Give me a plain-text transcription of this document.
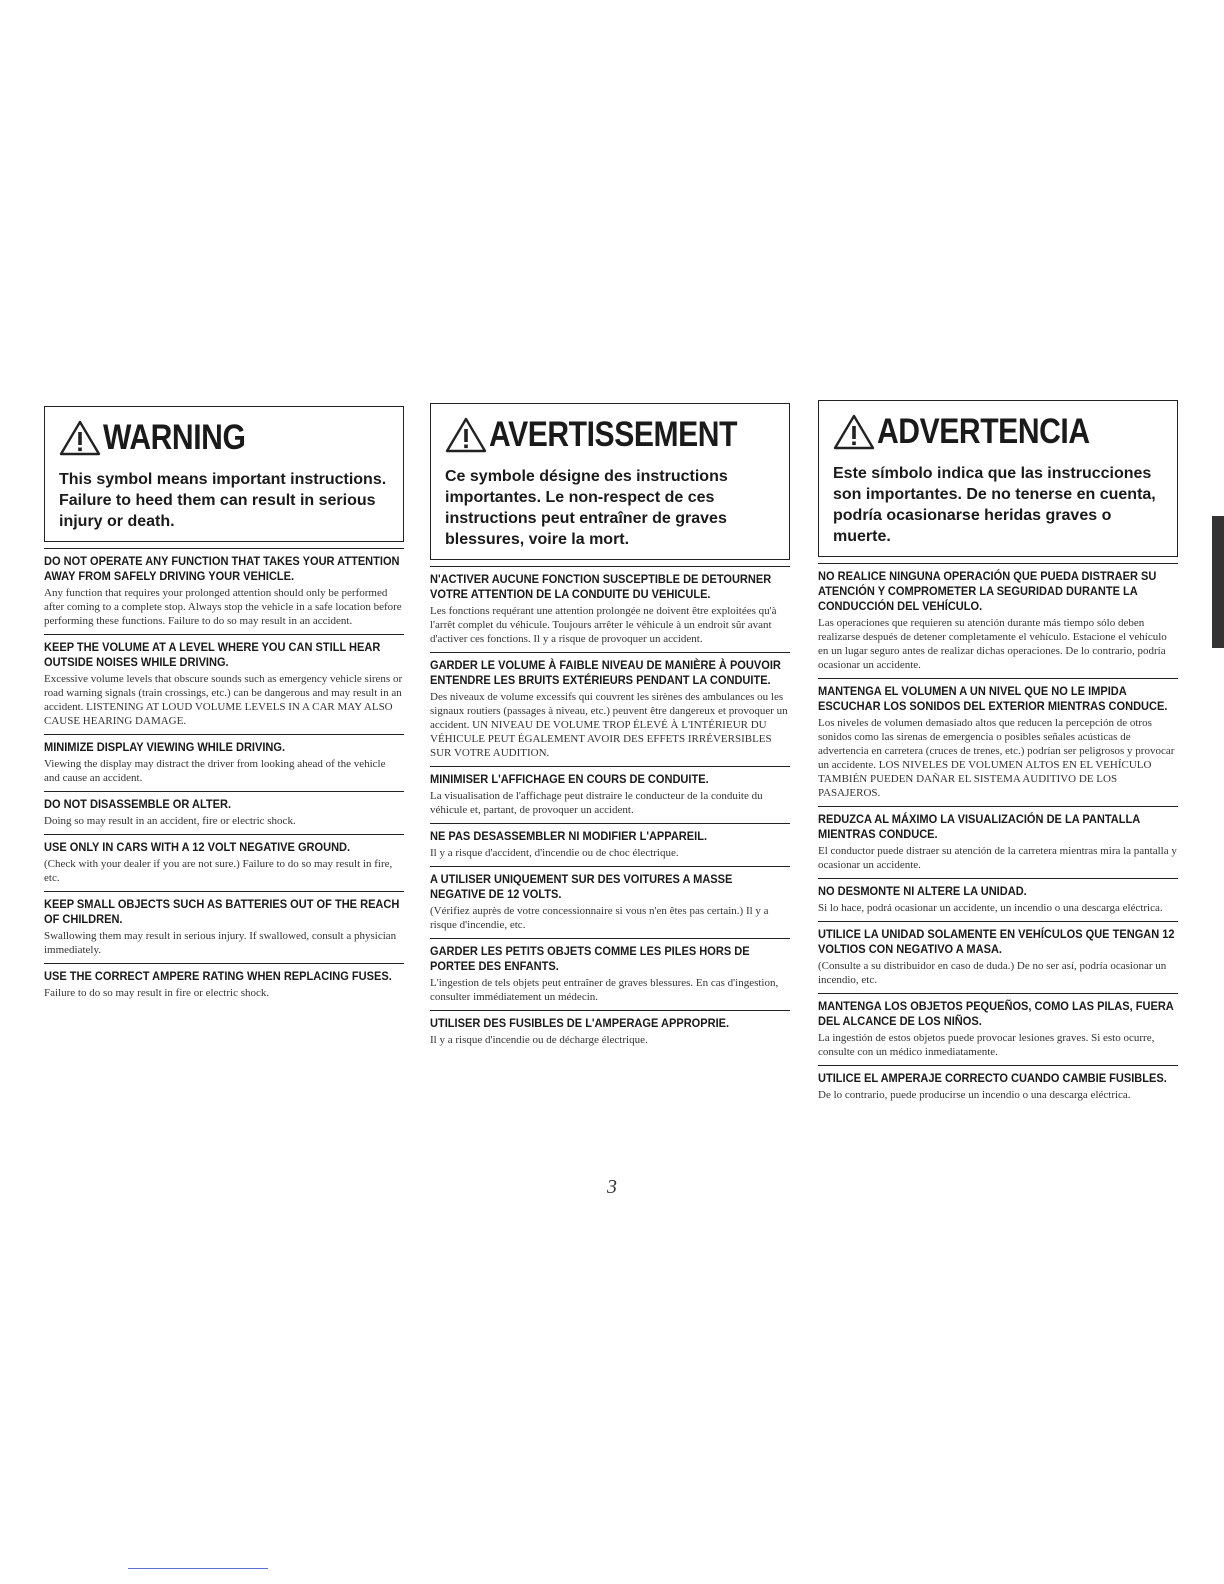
WARNING
This symbol means important instructions. Failure to heed them can result in serious injury or death.
DO NOT OPERATE ANY FUNCTION THAT TAKES YOUR ATTENTION AWAY FROM SAFELY DRIVING YOUR VEHICLE.
Any function that requires your prolonged attention should only be performed after coming to a complete stop. Always stop the vehicle in a safe location before performing these functions. Failure to do so may result in an accident.
KEEP THE VOLUME AT A LEVEL WHERE YOU CAN STILL HEAR OUTSIDE NOISES WHILE DRIVING.
Excessive volume levels that obscure sounds such as emergency vehicle sirens or road warning signals (train crossings, etc.) can be dangerous and may result in an accident. LISTENING AT LOUD VOLUME LEVELS IN A CAR MAY ALSO CAUSE HEARING DAMAGE.
MINIMIZE DISPLAY VIEWING WHILE DRIVING.
Viewing the display may distract the driver from looking ahead of the vehicle and cause an accident.
DO NOT DISASSEMBLE OR ALTER.
Doing so may result in an accident, fire or electric shock.
USE ONLY IN CARS WITH A 12 VOLT NEGATIVE GROUND.
(Check with your dealer if you are not sure.) Failure to do so may result in fire, etc.
KEEP SMALL OBJECTS SUCH AS BATTERIES OUT OF THE REACH OF CHILDREN.
Swallowing them may result in serious injury. If swallowed, consult a physician immediately.
USE THE CORRECT AMPERE RATING WHEN REPLACING FUSES.
Failure to do so may result in fire or electric shock.
AVERTISSEMENT
Ce symbole désigne des instructions importantes. Le non-respect de ces instructions peut entraîner de graves blessures, voire la mort.
N'ACTIVER AUCUNE FONCTION SUSCEPTIBLE DE DETOURNER VOTRE ATTENTION DE LA CONDUITE DU VEHICULE.
Les fonctions requérant une attention prolongée ne doivent être exploitées qu'à l'arrêt complet du véhicule. Toujours arrêter le véhicule à un endroit sûr avant d'activer ces fonctions. Il y a risque de provoquer un accident.
GARDER LE VOLUME À FAIBLE NIVEAU DE MANIÈRE À POUVOIR ENTENDRE LES BRUITS EXTÉRIEURS PENDANT LA CONDUITE.
Des niveaux de volume excessifs qui couvrent les sirènes des ambulances ou les signaux routiers (passages à niveau, etc.) peuvent être dangereux et provoquer un accident. UN NIVEAU DE VOLUME TROP ÉLEVÉ À L'INTÉRIEUR DU VÉHICULE PEUT ÉGALEMENT AVOIR DES EFFETS IRRÉVERSIBLES SUR VOTRE AUDITION.
MINIMISER L'AFFICHAGE EN COURS DE CONDUITE.
La visualisation de l'affichage peut distraire le conducteur de la conduite du véhicule et, partant, de provoquer un accident.
NE PAS DESASSEMBLER NI MODIFIER L'APPAREIL.
Il y a risque d'accident, d'incendie ou de choc électrique.
A UTILISER UNIQUEMENT SUR DES VOITURES A MASSE NEGATIVE DE 12 VOLTS.
(Vérifiez auprès de votre concessionnaire si vous n'en êtes pas certain.) Il y a risque d'incendie, etc.
GARDER LES PETITS OBJETS COMME LES PILES HORS DE PORTEE DES ENFANTS.
L'ingestion de tels objets peut entraîner de graves blessures. En cas d'ingestion, consulter immédiatement un médecin.
UTILISER DES FUSIBLES DE L'AMPERAGE APPROPRIE.
Il y a risque d'incendie ou de décharge électrique.
ADVERTENCIA
Este símbolo indica que las instrucciones son importantes. De no tenerse en cuenta, podría ocasionarse heridas graves o muerte.
NO REALICE NINGUNA OPERACIÓN QUE PUEDA DISTRAER SU ATENCIÓN Y COMPROMETER LA SEGURIDAD DURANTE LA CONDUCCIÓN DEL VEHÍCULO.
Las operaciones que requieren su atención durante más tiempo sólo deben realizarse después de detener completamente el vehículo. Estacione el vehículo en un lugar seguro antes de realizar dichas operaciones. De lo contrario, podría ocasionar un accidente.
MANTENGA EL VOLUMEN A UN NIVEL QUE NO LE IMPIDA ESCUCHAR LOS SONIDOS DEL EXTERIOR MIENTRAS CONDUCE.
Los niveles de volumen demasiado altos que reducen la percepción de otros sonidos como las sirenas de emergencia o posibles señales acústicas de advertencia en carretera (cruces de trenes, etc.) podrían ser peligrosos y provocar un accidente. LOS NIVELES DE VOLUMEN ALTOS EN EL VEHÍCULO TAMBIÉN PUEDEN DAÑAR EL SISTEMA AUDITIVO DE LOS PASAJEROS.
REDUZCA AL MÁXIMO LA VISUALIZACIÓN DE LA PANTALLA MIENTRAS CONDUCE.
El conductor puede distraer su atención de la carretera mientras mira la pantalla y ocasionar un accidente.
NO DESMONTE NI ALTERE LA UNIDAD.
Si lo hace, podrá ocasionar un accidente, un incendio o una descarga eléctrica.
UTILICE LA UNIDAD SOLAMENTE EN VEHÍCULOS QUE TENGAN 12 VOLTIOS CON NEGATIVO A MASA.
(Consulte a su distribuidor en caso de duda.) De no ser así, podría ocasionar un incendio, etc.
MANTENGA LOS OBJETOS PEQUEÑOS, COMO LAS PILAS, FUERA DEL ALCANCE DE LOS NIÑOS.
La ingestión de estos objetos puede provocar lesiones graves. Si esto ocurre, consulte con un médico inmediatamente.
UTILICE EL AMPERAJE CORRECTO CUANDO CAMBIE FUSIBLES.
De lo contrario, puede producirse un incendio o una descarga eléctrica.
3
